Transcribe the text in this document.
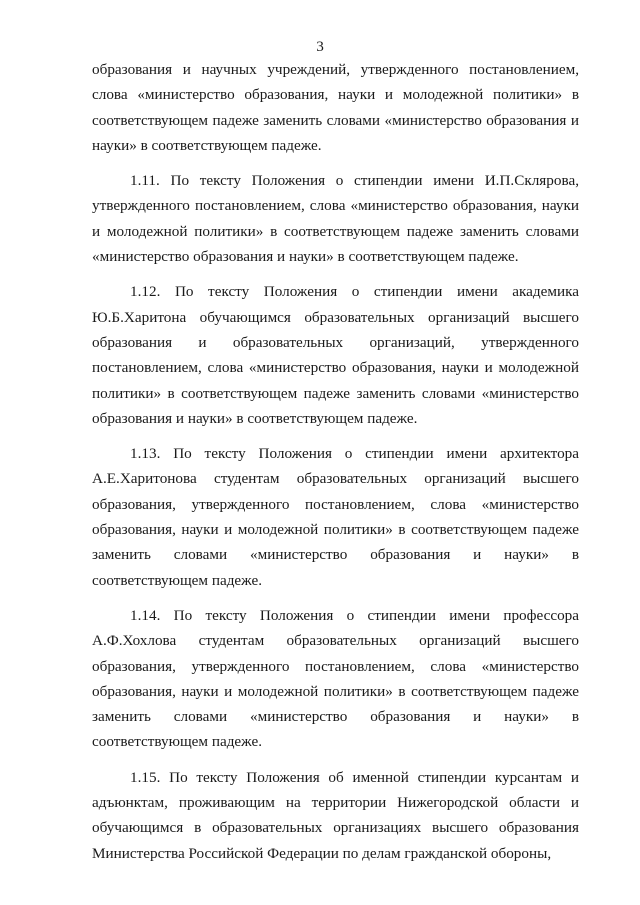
3

образования и научных учреждений, утвержденного постановлением, слова «министерство образования, науки и молодежной политики» в соответствующем падеже заменить словами «министерство образования и науки» в соответствующем падеже.

1.11. По тексту Положения о стипендии имени И.П.Склярова, утвержденного постановлением, слова «министерство образования, науки и молодежной политики» в соответствующем падеже заменить словами «министерство образования и науки» в соответствующем падеже.

1.12. По тексту Положения о стипендии имени академика Ю.Б.Харитона обучающимся образовательных организаций высшего образования и образовательных организаций, утвержденного постановлением, слова «министерство образования, науки и молодежной политики» в соответствующем падеже заменить словами «министерство образования и науки» в соответствующем падеже.

1.13. По тексту Положения о стипендии имени архитектора А.Е.Харитонова студентам образовательных организаций высшего образования, утвержденного постановлением, слова «министерство образования, науки и молодежной политики» в соответствующем падеже заменить словами «министерство образования и науки» в соответствующем падеже.

1.14. По тексту Положения о стипендии имени профессора А.Ф.Хохлова студентам образовательных организаций высшего образования, утвержденного постановлением, слова «министерство образования, науки и молодежной политики» в соответствующем падеже заменить словами «министерство образования и науки» в соответствующем падеже.

1.15. По тексту Положения об именной стипендии курсантам и адъюнктам, проживающим на территории Нижегородской области и обучающимся в образовательных организациях высшего образования Министерства Российской Федерации по делам гражданской обороны,
